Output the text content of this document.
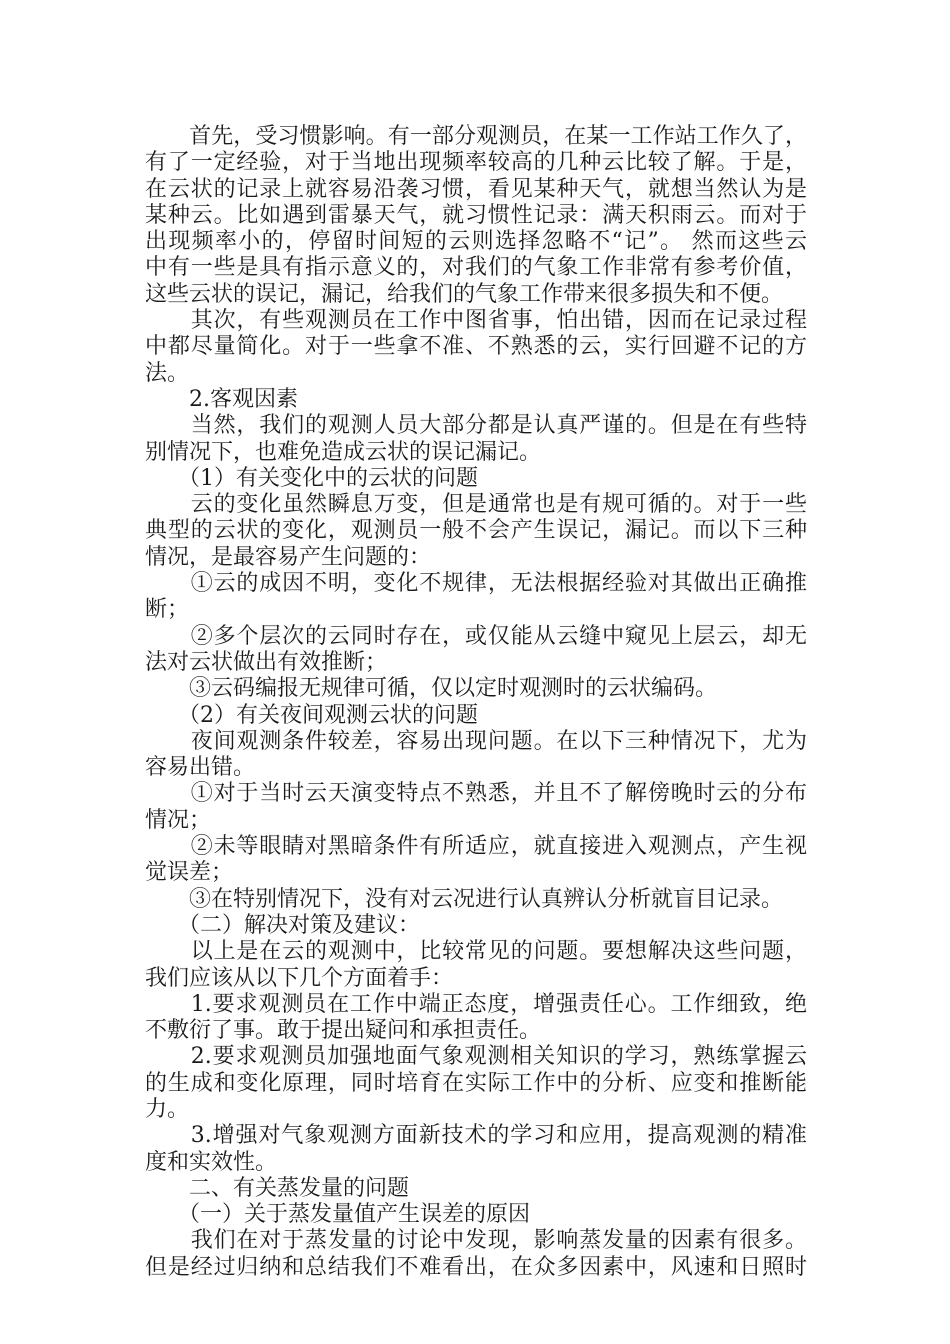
　　首先，受习惯影响。有一部分观测员，在某一工作站工作久了，
有了一定经验，对于当地出现频率较高的几种云比较了解。于是，
在云状的记录上就容易沿袭习惯，看见某种天气，就想当然认为是
某种云。比如遇到雷暴天气，就习惯性记录：满天积雨云。而对于
出现频率小的，停留时间短的云则选择忽略不“记”。 然而这些云
中有一些是具有指示意义的，对我们的气象工作非常有参考价值，
这些云状的误记，漏记，给我们的气象工作带来很多损失和不便。
　　其次，有些观测员在工作中图省事，怕出错，因而在记录过程
中都尽量简化。对于一些拿不准、不熟悉的云，实行回避不记的方
法。
　　2.客观因素
　　当然，我们的观测人员大部分都是认真严谨的。但是在有些特
别情况下，也难免造成云状的误记漏记。
　　（1）有关变化中的云状的问题
　　云的变化虽然瞬息万变，但是通常也是有规可循的。对于一些
典型的云状的变化，观测员一般不会产生误记，漏记。而以下三种
情况，是最容易产生问题的：
　　①云的成因不明，变化不规律，无法根据经验对其做出正确推
断；
　　②多个层次的云同时存在，或仅能从云缝中窥见上层云，却无
法对云状做出有效推断；
　　③云码编报无规律可循，仅以定时观测时的云状编码。
　　（2）有关夜间观测云状的问题
　　夜间观测条件较差，容易出现问题。在以下三种情况下，尤为
容易出错。
　　①对于当时云天演变特点不熟悉，并且不了解傍晚时云的分布
情况；
　　②未等眼睛对黑暗条件有所适应，就直接进入观测点，产生视
觉误差；
　　③在特别情况下，没有对云况进行认真辨认分析就盲目记录。
　　（二）解决对策及建议：
　　以上是在云的观测中，比较常见的问题。要想解决这些问题，
我们应该从以下几个方面着手：
　　1.要求观测员在工作中端正态度，增强责任心。工作细致，绝
不敷衍了事。敢于提出疑问和承担责任。
　　2.要求观测员加强地面气象观测相关知识的学习，熟练掌握云
的生成和变化原理，同时培育在实际工作中的分析、应变和推断能
力。
　　3.增强对气象观测方面新技术的学习和应用，提高观测的精准
度和实效性。
　　二、有关蒸发量的问题
　　（一）关于蒸发量值产生误差的原因
　　我们在对于蒸发量的讨论中发现，影响蒸发量的因素有很多。
但是经过归纳和总结我们不难看出，在众多因素中，风速和日照时
